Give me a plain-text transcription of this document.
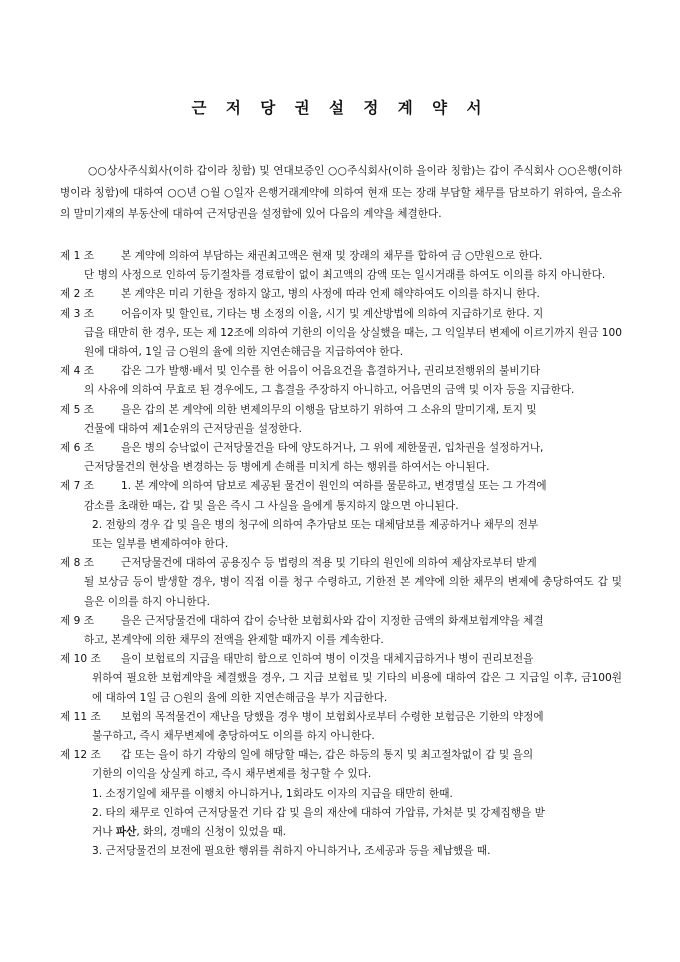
근 저 당 권 설 정 계 약 서
○○상사주식회사(이하 갑이라 칭함) 및 연대보증인 ○○주식회사(이하 을이라 칭함)는 갑이 주식회사 ○○은행(이하 병이라 칭함)에 대하여 ○○년 ○월 ○일자 은행거래계약에 의하여 현재 또는 장래 부담할 채무를 담보하기 위하여, 을소유의 말미기재의 부동산에 대하여 근저당권을 설정함에 있어 다음의 계약을 체결한다.
제 1 조	본 계약에 의하여 부담하는 채권최고액은 현재 및 장래의 채무를 합하여 금 ○만원으로 한다.
단 병의 사정으로 인하여 등기절차를 경료함이 없이 최고액의 감액 또는 일시거래를 하여도 이의를 하지 아니한다.
제 2 조	본 계약은 미리 기한을 정하지 않고, 병의 사정에 따라 언제 해약하여도 이의를 하지니 한다.
제 3 조	어음이자 및 할인료, 기타는 병 소정의 이율, 시기 및 계산방법에 의하여 지급하기로 한다. 지
급을 태만히 한 경우, 또는 제 12조에 의하여 기한의 이익을 상실했을 때는, 그 익일부터 변제에 이르기까지 원금 100원에 대하여, 1일 금 ○원의 율에 의한 지연손해금을 지급하여야 한다.
제 4 조	갑은 그가 발행·배서 및 인수를 한 어음이 어음요건을 흠결하거나, 권리보전행위의 불비기타
의 사유에 의하여 무효로 된 경우에도, 그 흠결을 주장하지 아니하고, 어음면의 금액 및 이자 등을 지급한다.
제 5 조	을은 갑의 본 계약에 의한 변제의무의 이행을 담보하기 위하여 그 소유의 말미기재, 토지 및
건물에 대하여 제1순위의 근저당권을 설정한다.
제 6 조	을은 병의 승낙없이 근저당물건을 타에 양도하거나, 그 위에 제한물권, 입차권을 설정하거나,
근저당물건의 현상을 변경하는 등 병에게 손해를 미치게 하는 행위를 하여서는 아니된다.
제 7 조	1. 본 계약에 의하여 담보로 제공된 물건이 원인의 여하를 물문하고, 변경멸실 또는 그 가격에
감소를 초래한 때는, 갑 및 을은 즉시 그 사실을 을에게 통지하지 않으면 아니된다.
2. 전항의 경우 갑 및 을은 병의 청구에 의하여 추가담보 또는 대체담보를 제공하거나 채무의 전부
또는 일부를 변제하여야 한다.
제 8 조	근저당물건에 대하여 공용징수 등 법령의 적용 및 기타의 원인에 의하여 제삼자로부터 받게
될 보상금 등이 발생할 경우, 병이 직접 이를 청구 수령하고, 기한전 본 계약에 의한 채무의 변제에 충당하여도 갑 및 을은 이의를 하지 아니한다.
제 9 조	을은 근저당물건에 대하여 갑이 승낙한 보험회사와 갑이 지정한 금액의 화재보험계약을 체결
하고, 본계약에 의한 채무의 전액을 완제할 때까지 이를 계속한다.
제 10 조	을이 보험료의 지급을 태만히 함으로 인하여 병이 이것을 대체지급하거나 병이 권리보전을
위하여 필요한 보험계약을 체결했을 경우, 그 지급 보험료 및 기타의 비용에 대하여 갑은 그 지급일 이후, 금100원에 대하여 1일 금 ○원의 율에 의한 지연손해금을 부가 지급한다.
제 11 조	보험의 목적물건이 재난을 당했을 경우 병이 보험회사로부터 수령한 보험금은 기한의 약정에
불구하고, 즉시 채무변제에 충당하여도 이의를 하지 아니한다.
제 12 조	갑 또는 을이 하기 각항의 일에 해당할 때는, 갑은 하등의 통지 및 최고절차없이 갑 및 을의
기한의 이익을 상실케 하고, 즉시 채무변제를 청구할 수 있다.
1. 소정기일에 채무를 이행치 아니하거나, 1회라도 이자의 지급을 태만히 한때.
2. 타의 채무로 인하여 근저당물건 기타 갑 및 을의 재산에 대하여 가압류, 가처분 및 강제집행을 받
거나 파산, 화의, 경매의 신청이 있었을 때.
3. 근저당물건의 보전에 필요한 행위를 취하지 아니하거나, 조세공과 등을 체납했을 때.
